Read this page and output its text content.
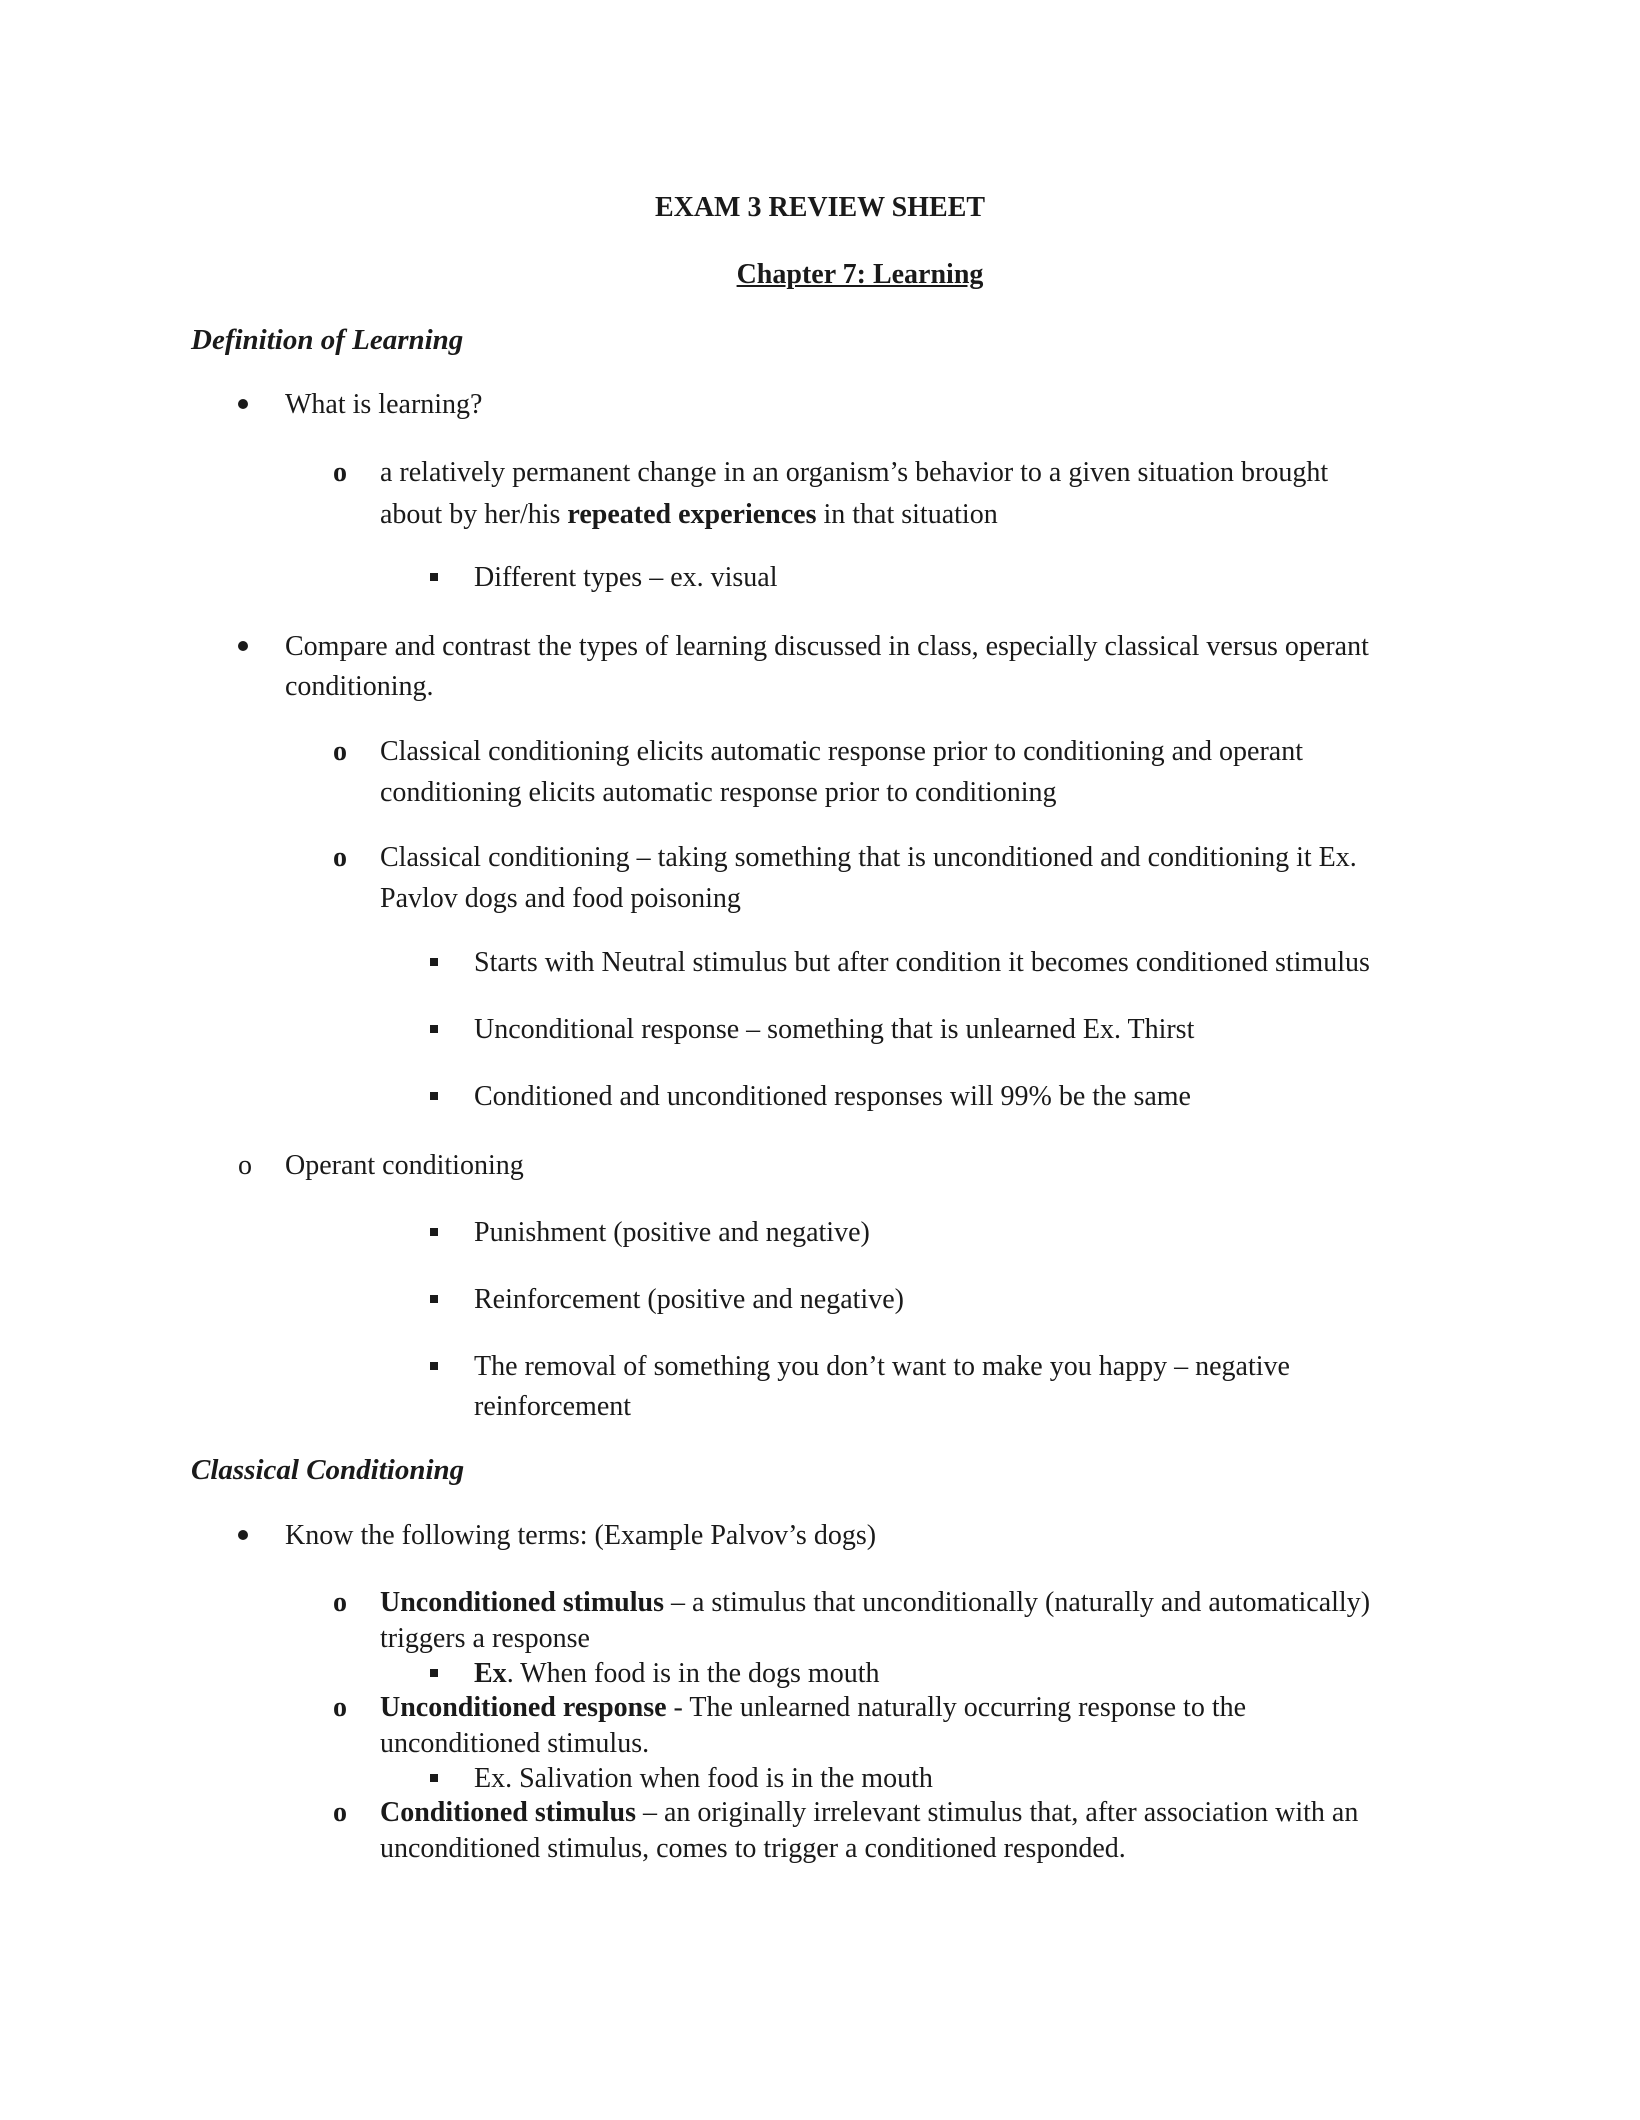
EXAM 3 REVIEW SHEET
Chapter 7: Learning
Definition of Learning
What is learning?
o a relatively permanent change in an organism’s behavior to a given situation brought
about by her/his repeated experiences in that situation
Different types – ex. visual
Compare and contrast the types of learning discussed in class, especially classical versus operant
conditioning.
o Classical conditioning elicits automatic response prior to conditioning and operant
conditioning elicits automatic response prior to conditioning
o Classical conditioning – taking something that is unconditioned and conditioning it Ex.
Pavlov dogs and food poisoning
Starts with Neutral stimulus but after condition it becomes conditioned stimulus
Unconditional response – something that is unlearned Ex. Thirst
Conditioned and unconditioned responses will 99% be the same
o Operant conditioning
Punishment (positive and negative)
Reinforcement (positive and negative)
The removal of something you don’t want to make you happy – negative
reinforcement
Classical Conditioning
Know the following terms: (Example Palvov’s dogs)
o Unconditioned stimulus – a stimulus that unconditionally (naturally and automatically)
triggers a response
Ex. When food is in the dogs mouth
o Unconditioned response - The unlearned naturally occurring response to the
unconditioned stimulus.
Ex. Salivation when food is in the mouth
o Conditioned stimulus – an originally irrelevant stimulus that, after association with an
unconditioned stimulus, comes to trigger a conditioned responded.
